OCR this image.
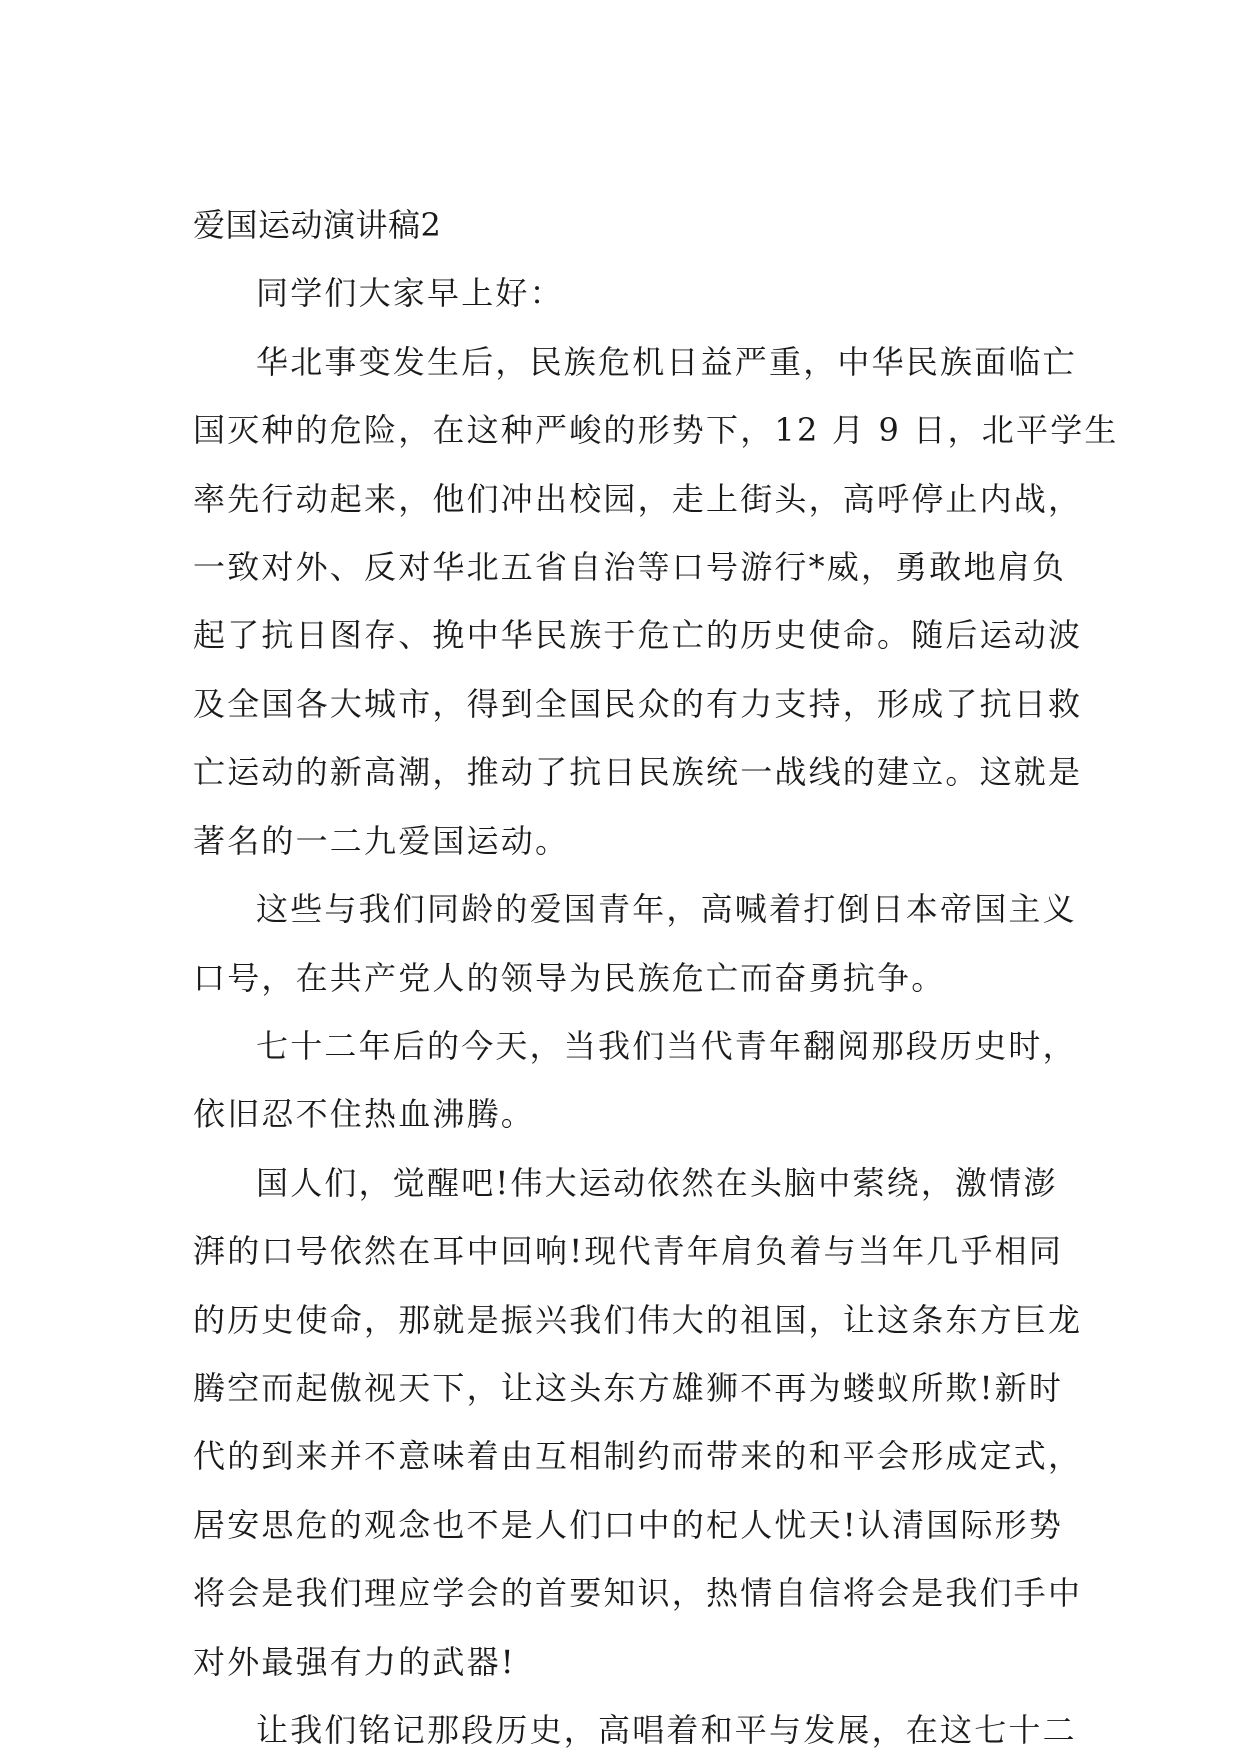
爱国运动演讲稿2
同学们大家早上好：
华北事变发生后，民族危机日益严重，中华民族面临亡
国灭种的危险，在这种严峻的形势下，12 月 9 日，北平学生
率先行动起来，他们冲出校园，走上街头，高呼停止内战，
一致对外、反对华北五省自治等口号游行*威，勇敢地肩负
起了抗日图存、挽中华民族于危亡的历史使命。随后运动波
及全国各大城市，得到全国民众的有力支持，形成了抗日救
亡运动的新高潮，推动了抗日民族统一战线的建立。这就是
著名的一二九爱国运动。
这些与我们同龄的爱国青年，高喊着打倒日本帝国主义
口号，在共产党人的领导为民族危亡而奋勇抗争。
七十二年后的今天，当我们当代青年翻阅那段历史时，
依旧忍不住热血沸腾。
国人们，觉醒吧!伟大运动依然在头脑中萦绕，激情澎
湃的口号依然在耳中回响!现代青年肩负着与当年几乎相同
的历史使命，那就是振兴我们伟大的祖国，让这条东方巨龙
腾空而起傲视天下，让这头东方雄狮不再为蝼蚁所欺!新时
代的到来并不意味着由互相制约而带来的和平会形成定式，
居安思危的观念也不是人们口中的杞人忧天!认清国际形势
将会是我们理应学会的首要知识，热情自信将会是我们手中
对外最强有力的武器!
让我们铭记那段历史，高唱着和平与发展，在这七十二
